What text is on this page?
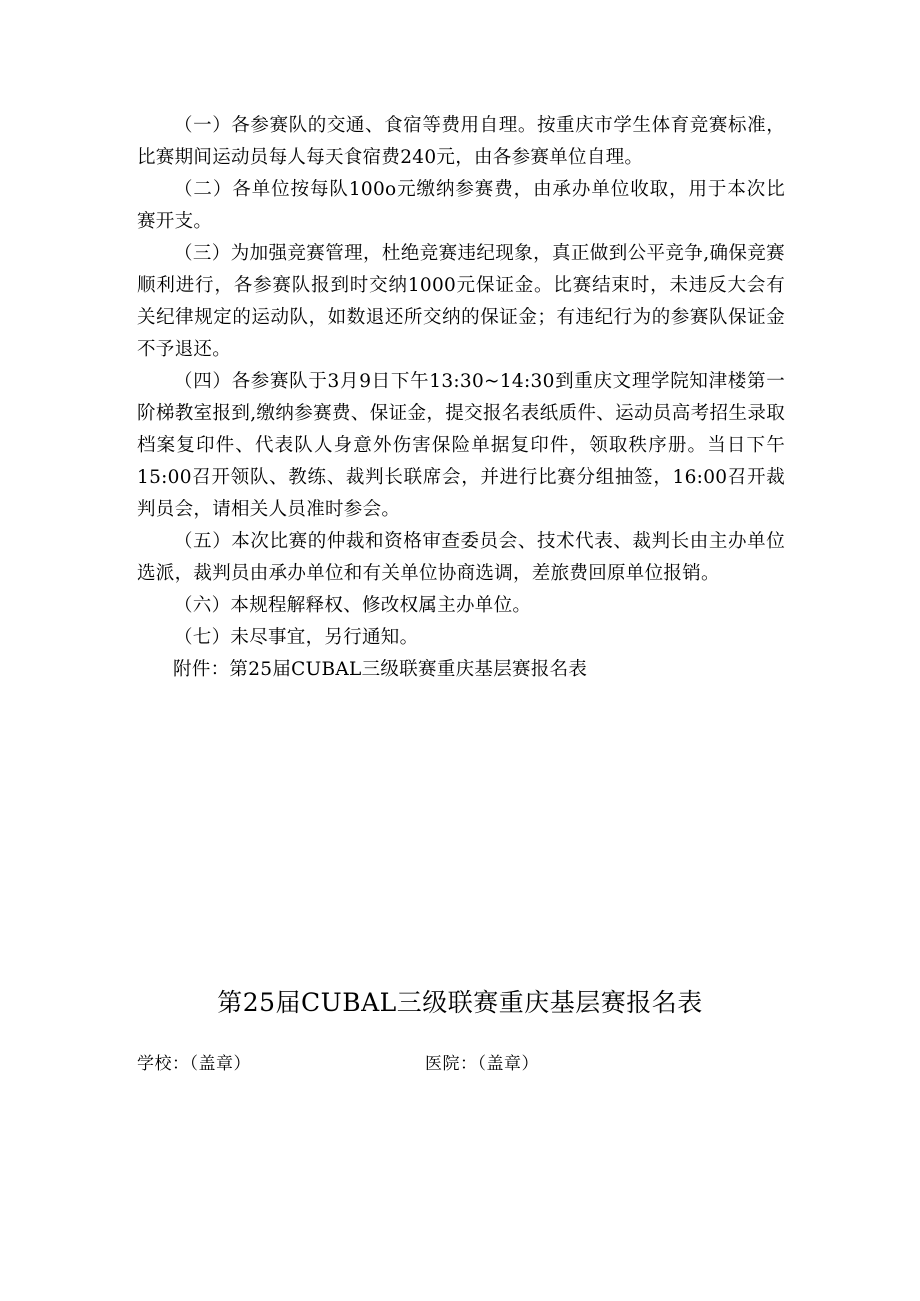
（一）各参赛队的交通、食宿等费用自理。按重庆市学生体育竞赛标准，比赛期间运动员每人每天食宿费240元，由各参赛单位自理。

（二）各单位按每队100o元缴纳参赛费，由承办单位收取，用于本次比赛开支。

（三）为加强竞赛管理，杜绝竞赛违纪现象，真正做到公平竞争,确保竞赛顺利进行，各参赛队报到时交纳1000元保证金。比赛结束时，未违反大会有关纪律规定的运动队，如数退还所交纳的保证金；有违纪行为的参赛队保证金不予退还。

（四）各参赛队于3月9日下午13:30~14:30到重庆文理学院知津楼第一阶梯教室报到,缴纳参赛费、保证金，提交报名表纸质件、运动员高考招生录取档案复印件、代表队人身意外伤害保险单据复印件，领取秩序册。当日下午15:00召开领队、教练、裁判长联席会，并进行比赛分组抽签，16:00召开裁判员会，请相关人员准时参会。

（五）本次比赛的仲裁和资格审查委员会、技术代表、裁判长由主办单位选派，裁判员由承办单位和有关单位协商选调，差旅费回原单位报销。

（六）本规程解释权、修改权属主办单位。

（七）未尽事宜，另行通知。

附件：第25届CUBAL三级联赛重庆基层赛报名表

第25届CUBAL三级联赛重庆基层赛报名表
学校：（盖章）	医院：（盖章）
